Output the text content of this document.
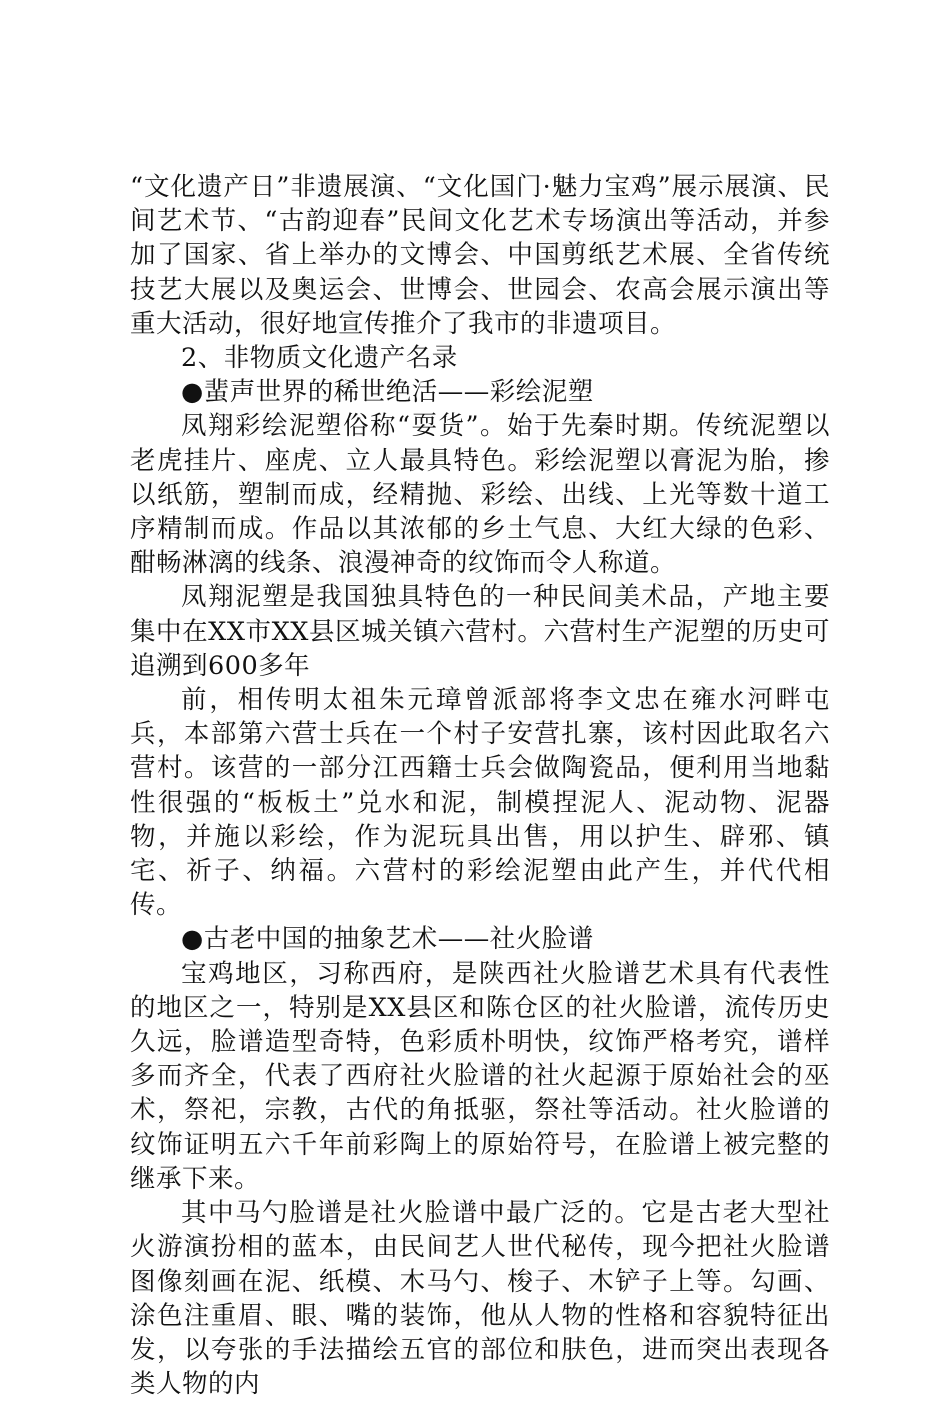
“文化遗产日”非遗展演、“文化国门·魅力宝鸡”展示展演、民间艺术节、“古韵迎春”民间文化艺术专场演出等活动，并参加了国家、省上举办的文博会、中国剪纸艺术展、全省传统技艺大展以及奥运会、世博会、世园会、农高会展示演出等重大活动，很好地宣传推介了我市的非遗项目。

2、非物质文化遗产名录

●蜚声世界的稀世绝活——彩绘泥塑

凤翔彩绘泥塑俗称“耍货”。始于先秦时期。传统泥塑以老虎挂片、座虎、立人最具特色。彩绘泥塑以膏泥为胎，掺以纸筋，塑制而成，经精抛、彩绘、出线、上光等数十道工序精制而成。作品以其浓郁的乡土气息、大红大绿的色彩、酣畅淋漓的线条、浪漫神奇的纹饰而令人称道。

凤翔泥塑是我国独具特色的一种民间美术品，产地主要集中在XX市XX县区城关镇六营村。六营村生产泥塑的历史可追溯到600多年

前，相传明太祖朱元璋曾派部将李文忠在雍水河畔屯兵，本部第六营士兵在一个村子安营扎寨，该村因此取名六营村。该营的一部分江西籍士兵会做陶瓷品，便利用当地黏性很强的“板板土”兑水和泥，制模捏泥人、泥动物、泥器物，并施以彩绘，作为泥玩具出售，用以护生、辟邪、镇宅、祈子、纳福。六营村的彩绘泥塑由此产生，并代代相传。

●古老中国的抽象艺术——社火脸谱

宝鸡地区，习称西府，是陕西社火脸谱艺术具有代表性的地区之一，特别是XX县区和陈仓区的社火脸谱，流传历史久远，脸谱造型奇特，色彩质朴明快，纹饰严格考究，谱样多而齐全，代表了西府社火脸谱的社火起源于原始社会的巫术，祭祀，宗教，古代的角抵驱，祭社等活动。社火脸谱的纹饰证明五六千年前彩陶上的原始符号，在脸谱上被完整的继承下来。

其中马勺脸谱是社火脸谱中最广泛的。它是古老大型社火游演扮相的蓝本，由民间艺人世代秘传，现今把社火脸谱图像刻画在泥、纸模、木马勺、梭子、木铲子上等。勾画、涂色注重眉、眼、嘴的装饰，他从人物的性格和容貌特征出发，以夸张的手法描绘五官的部位和肤色，进而突出表现各类人物的内
